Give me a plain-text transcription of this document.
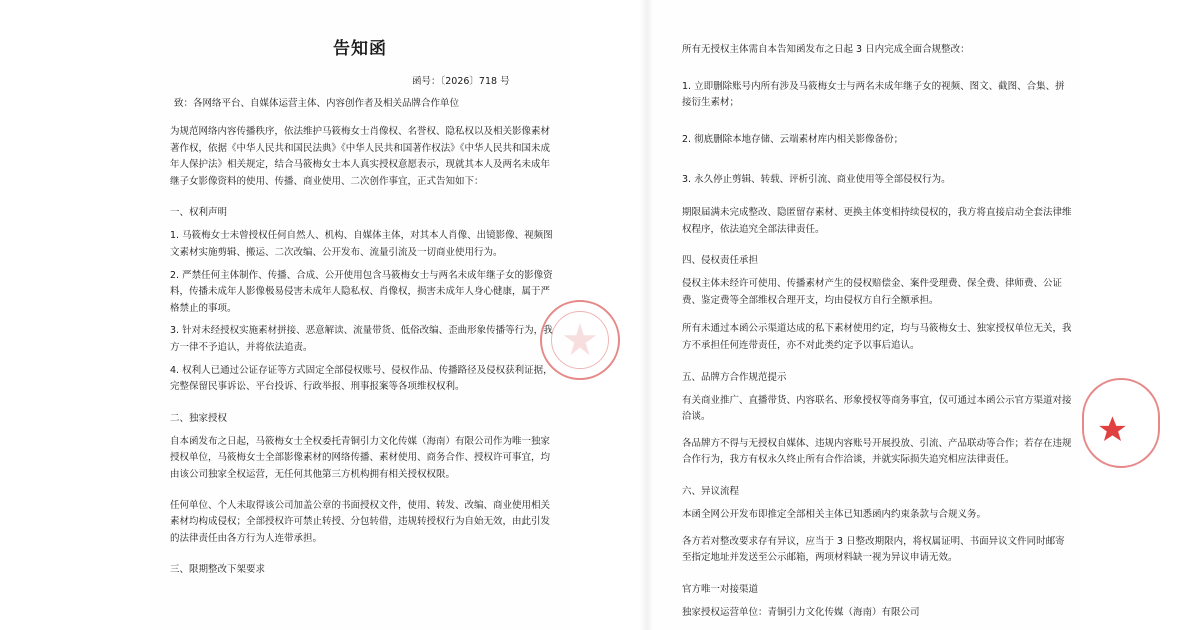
告知函
函号：〔2026〕718 号
致：各网络平台、自媒体运营主体、内容创作者及相关品牌合作单位

为规范网络内容传播秩序，依法维护马筱梅女士肖像权、名誉权、隐私权以及相关影像素材著作权，依据《中华人民共和国民法典》《中华人民共和国著作权法》《中华人民共和国未成年人保护法》相关规定，结合马筱梅女士本人真实授权意愿表示，现就其本人及两名未成年继子女影像资料的使用、传播、商业使用、二次创作事宜，正式告知如下：

一、权利声明

1. 马筱梅女士未曾授权任何自然人、机构、自媒体主体，对其本人肖像、出镜影像、视频图文素材实施剪辑、搬运、二次改编、公开发布、流量引流及一切商业使用行为。

2. 严禁任何主体制作、传播、合成、公开使用包含马筱梅女士与两名未成年继子女的影像资料，传播未成年人影像极易侵害未成年人隐私权、肖像权，损害未成年人身心健康，属于严格禁止的事项。

3. 针对未经授权实施素材拼接、恶意解读、流量带货、低俗改编、歪曲形象传播等行为，我方一律不予追认，并将依法追责。

4. 权利人已通过公证存证等方式固定全部侵权账号、侵权作品、传播路径及侵权获利证据，完整保留民事诉讼、平台投诉、行政举报、刑事报案等各项维权权利。

二、独家授权

自本函发布之日起，马筱梅女士全权委托青铜引力文化传媒（海南）有限公司作为唯一独家授权单位，马筱梅女士全部影像素材的网络传播、素材使用、商务合作、授权许可事宜，均由该公司独家全权运营，无任何其他第三方机构拥有相关授权权限。

任何单位、个人未取得该公司加盖公章的书面授权文件，使用、转发、改编、商业使用相关素材均构成侵权；全部授权许可禁止转授、分包转借，违规转授权行为自始无效，由此引发的法律责任由各方行为人连带承担。

三、限期整改下架要求

所有无授权主体需自本告知函发布之日起 3 日内完成全面合规整改：

1. 立即删除账号内所有涉及马筱梅女士与两名未成年继子女的视频、图文、截图、合集、拼接衍生素材；

2. 彻底删除本地存储、云端素材库内相关影像备份；

3. 永久停止剪辑、转载、评析引流、商业使用等全部侵权行为。

期限届满未完成整改、隐匿留存素材、更换主体变相持续侵权的，我方将直接启动全套法律维权程序，依法追究全部法律责任。

四、侵权责任承担

侵权主体未经许可使用、传播素材产生的侵权赔偿金、案件受理费、保全费、律师费、公证费、鉴定费等全部维权合理开支，均由侵权方自行全额承担。

所有未通过本函公示渠道达成的私下素材使用约定，均与马筱梅女士、独家授权单位无关，我方不承担任何连带责任，亦不对此类约定予以事后追认。

五、品牌方合作规范提示

有关商业推广、直播带货、内容联名、形象授权等商务事宜，仅可通过本函公示官方渠道对接洽谈。

各品牌方不得与无授权自媒体、违规内容账号开展投放、引流、产品联动等合作；若存在违规合作行为，我方有权永久终止所有合作洽谈，并就实际损失追究相应法律责任。

六、异议流程

本函全网公开发布即推定全部相关主体已知悉函内约束条款与合规义务。

各方若对整改要求存有异议，应当于 3 日整改期限内，将权属证明、书面异议文件同时邮寄至指定地址并发送至公示邮箱，两项材料缺一视为异议申请无效。

官方唯一对接渠道

独家授权运营单位：青铜引力文化传媒（海南）有限公司
